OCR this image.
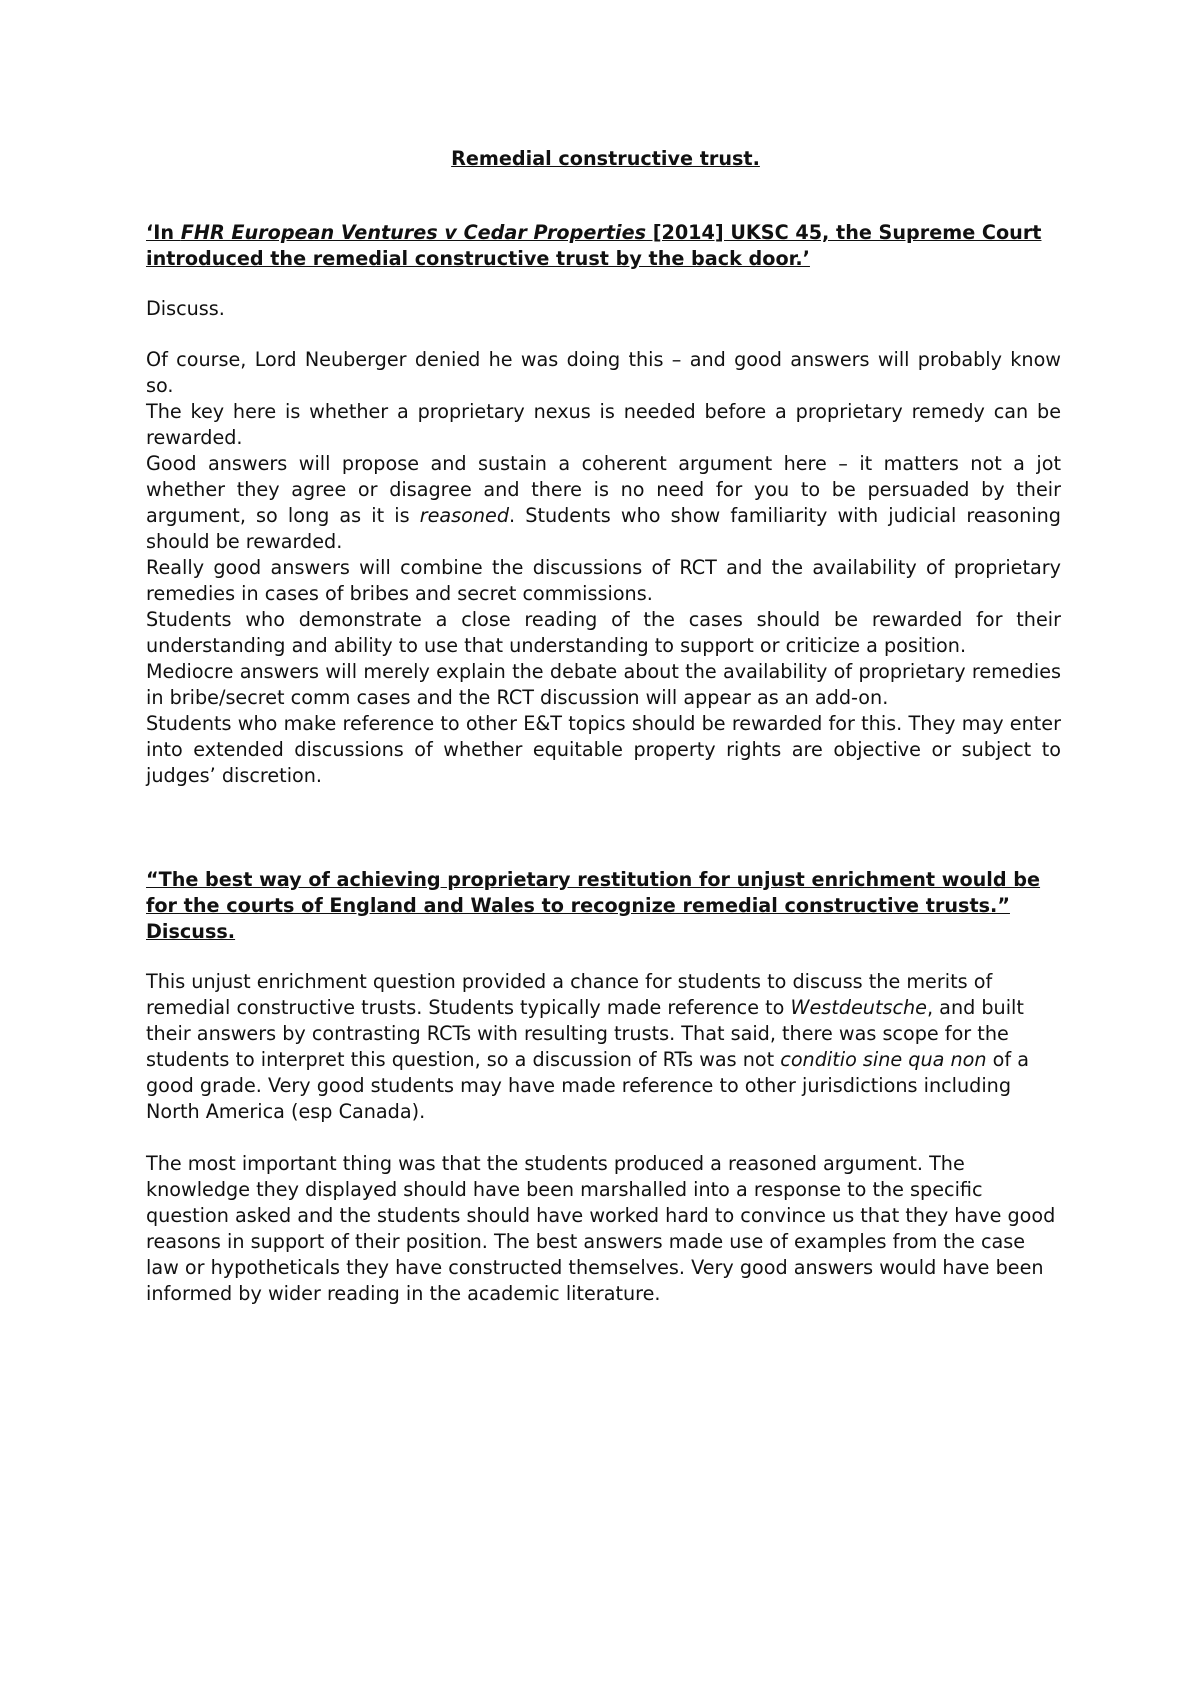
Remedial constructive trust.

‘In FHR European Ventures v Cedar Properties [2014] UKSC 45, the Supreme Court introduced the remedial constructive trust by the back door.’

Discuss.

Of course, Lord Neuberger denied he was doing this – and good answers will probably know so.

The key here is whether a proprietary nexus is needed before a proprietary remedy can be rewarded.

Good answers will propose and sustain a coherent argument here – it matters not a jot whether they agree or disagree and there is no need for you to be persuaded by their argument, so long as it is reasoned. Students who show familiarity with judicial reasoning should be rewarded.

Really good answers will combine the discussions of RCT and the availability of proprietary remedies in cases of bribes and secret commissions.

Students who demonstrate a close reading of the cases should be rewarded for their understanding and ability to use that understanding to support or criticize a position.

Mediocre answers will merely explain the debate about the availability of proprietary remedies in bribe/secret comm cases and the RCT discussion will appear as an add-on.

Students who make reference to other E&T topics should be rewarded for this. They may enter into extended discussions of whether equitable property rights are objective or subject to judges’ discretion.

“The best way of achieving proprietary restitution for unjust enrichment would be for the courts of England and Wales to recognize remedial constructive trusts.” Discuss.

This unjust enrichment question provided a chance for students to discuss the merits of remedial constructive trusts. Students typically made reference to Westdeutsche, and built their answers by contrasting RCTs with resulting trusts. That said, there was scope for the students to interpret this question, so a discussion of RTs was not conditio sine qua non of a good grade. Very good students may have made reference to other jurisdictions including North America (esp Canada).

The most important thing was that the students produced a reasoned argument. The knowledge they displayed should have been marshalled into a response to the specific question asked and the students should have worked hard to convince us that they have good reasons in support of their position. The best answers made use of examples from the case law or hypotheticals they have constructed themselves. Very good answers would have been informed by wider reading in the academic literature.
